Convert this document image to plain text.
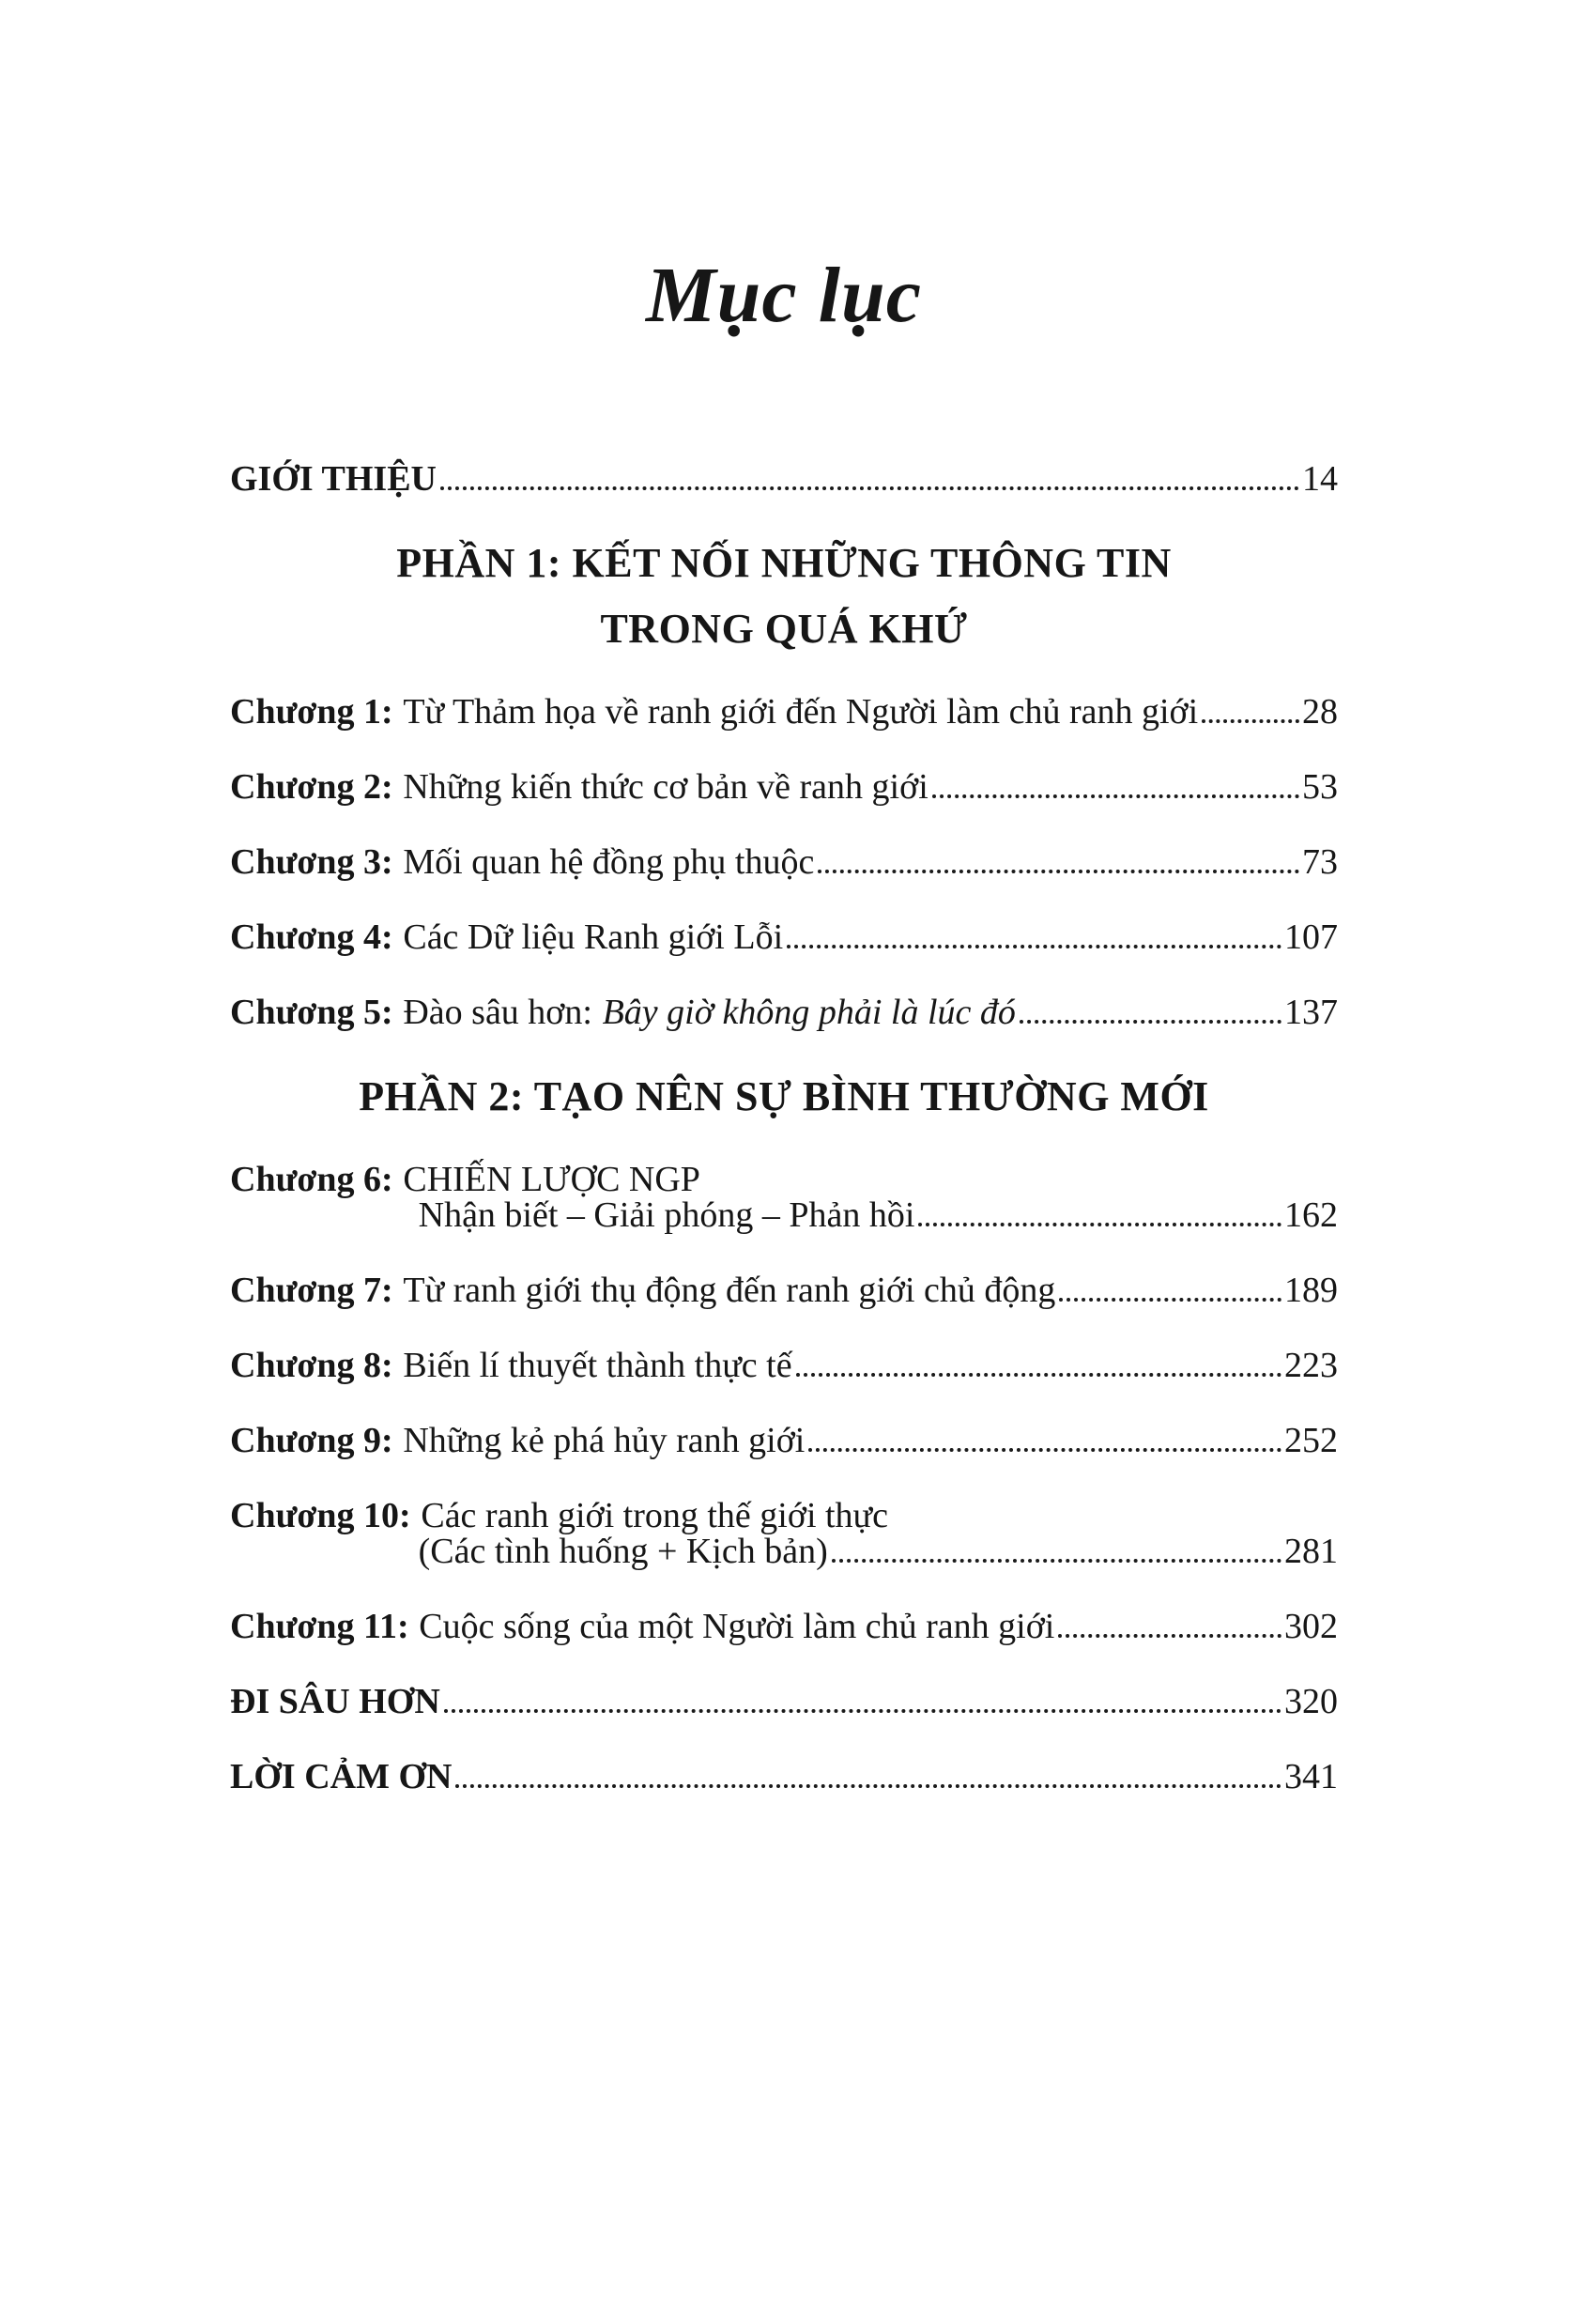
Mục lục
GIỚI THIỆU	14
PHẦN 1: KẾT NỐI NHỮNG THÔNG TIN
TRONG QUÁ KHỨ
Chương 1: Từ Thảm họa về ranh giới đến Người làm chủ ranh giới	28
Chương 2: Những kiến thức cơ bản về ranh giới	53
Chương 3: Mối quan hệ đồng phụ thuộc	73
Chương 4: Các Dữ liệu Ranh giới Lỗi	107
Chương 5: Đào sâu hơn: Bây giờ không phải là lúc đó	137
PHẦN 2: TẠO NÊN SỰ BÌNH THƯỜNG MỚI
Chương 6: CHIẾN LƯỢC NGP
Nhận biết – Giải phóng – Phản hồi	162
Chương 7: Từ ranh giới thụ động đến ranh giới chủ động	189
Chương 8: Biến lí thuyết thành thực tế	223
Chương 9: Những kẻ phá hủy ranh giới	252
Chương 10: Các ranh giới trong thế giới thực
(Các tình huống + Kịch bản)	281
Chương 11: Cuộc sống của một Người làm chủ ranh giới	302
ĐI SÂU HƠN	320
LỜI CẢM ƠN	341
